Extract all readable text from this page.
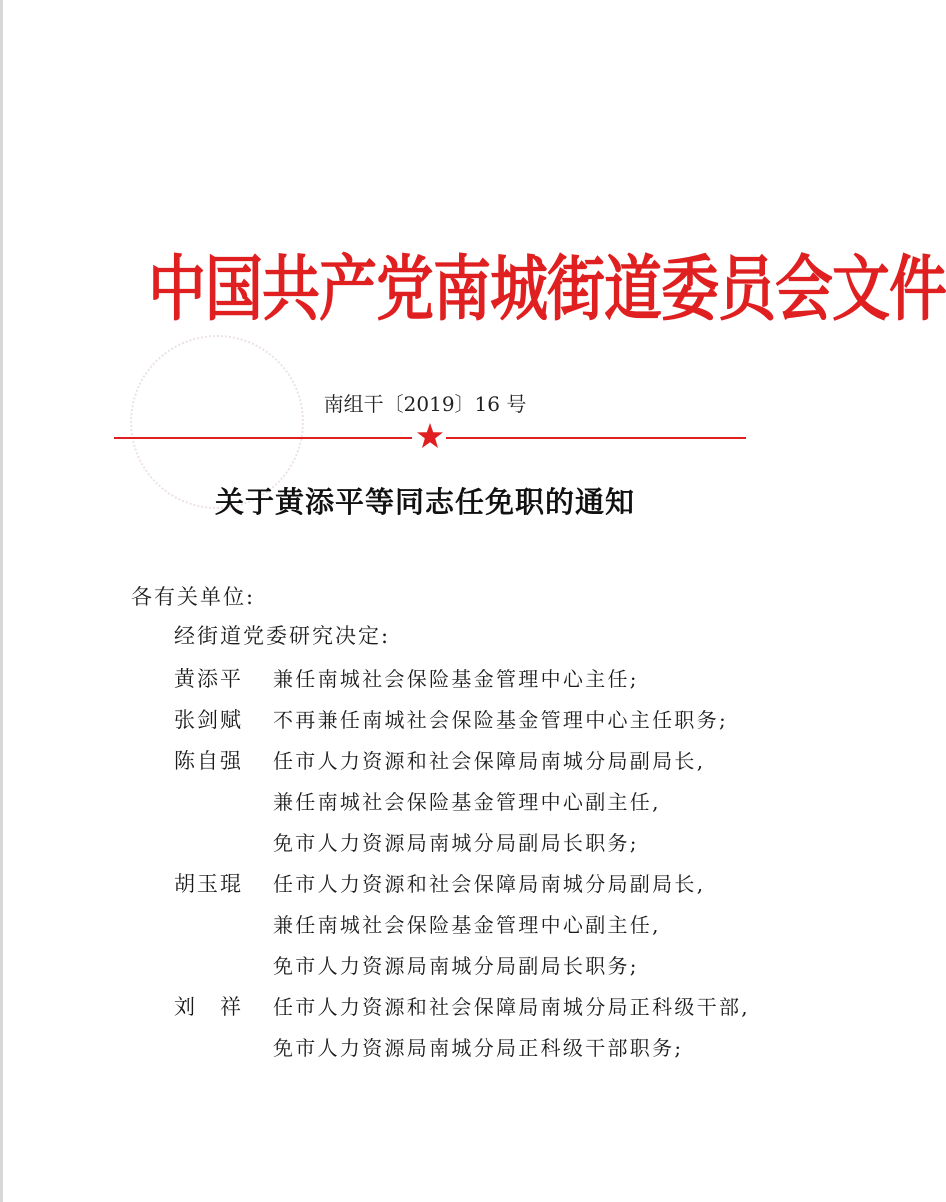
中国共产党南城街道委员会文件
南组干〔2019〕16 号
关于黄添平等同志任免职的通知
各有关单位:
经街道党委研究决定:
黄添平	兼任南城社会保险基金管理中心主任;
张剑赋	不再兼任南城社会保险基金管理中心主任职务;
陈自强	任市人力资源和社会保障局南城分局副局长,
兼任南城社会保险基金管理中心副主任,
免市人力资源局南城分局副局长职务;
胡玉琨	任市人力资源和社会保障局南城分局副局长,
兼任南城社会保险基金管理中心副主任,
免市人力资源局南城分局副局长职务;
刘　祥	任市人力资源和社会保障局南城分局正科级干部,
免市人力资源局南城分局正科级干部职务;
